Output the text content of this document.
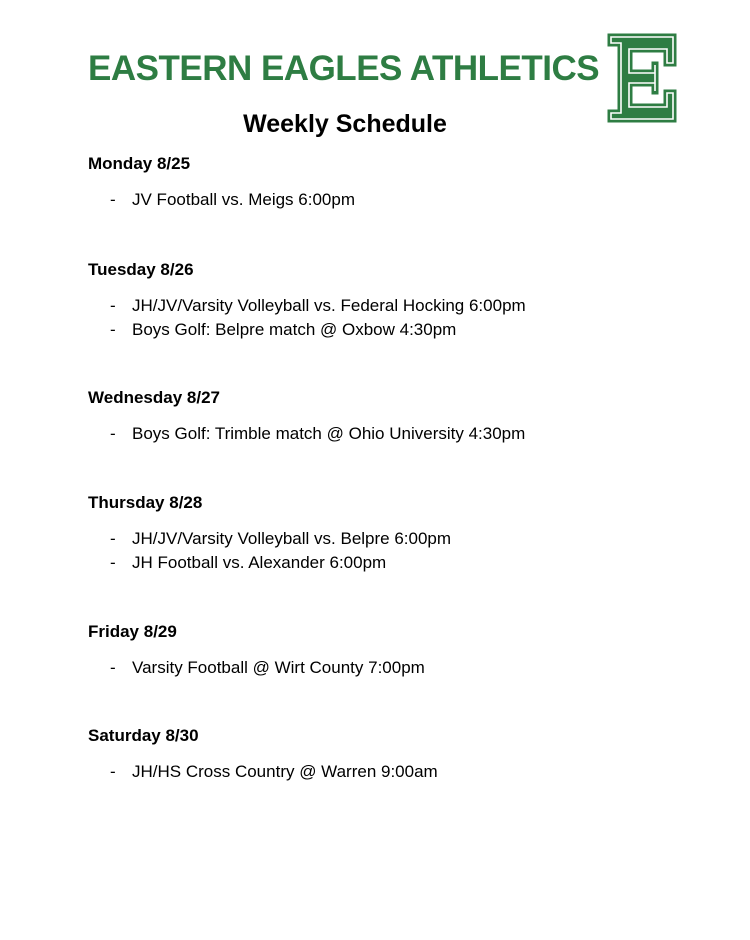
EASTERN EAGLES ATHLETICS
Weekly Schedule
Monday 8/25
- JV Football vs. Meigs 6:00pm
Tuesday 8/26
- JH/JV/Varsity Volleyball vs. Federal Hocking 6:00pm
- Boys Golf: Belpre match @ Oxbow 4:30pm
Wednesday 8/27
- Boys Golf: Trimble match @ Ohio University 4:30pm
Thursday 8/28
- JH/JV/Varsity Volleyball vs. Belpre 6:00pm
- JH Football vs. Alexander 6:00pm
Friday 8/29
- Varsity Football @ Wirt County 7:00pm
Saturday 8/30
- JH/HS Cross Country @ Warren 9:00am
